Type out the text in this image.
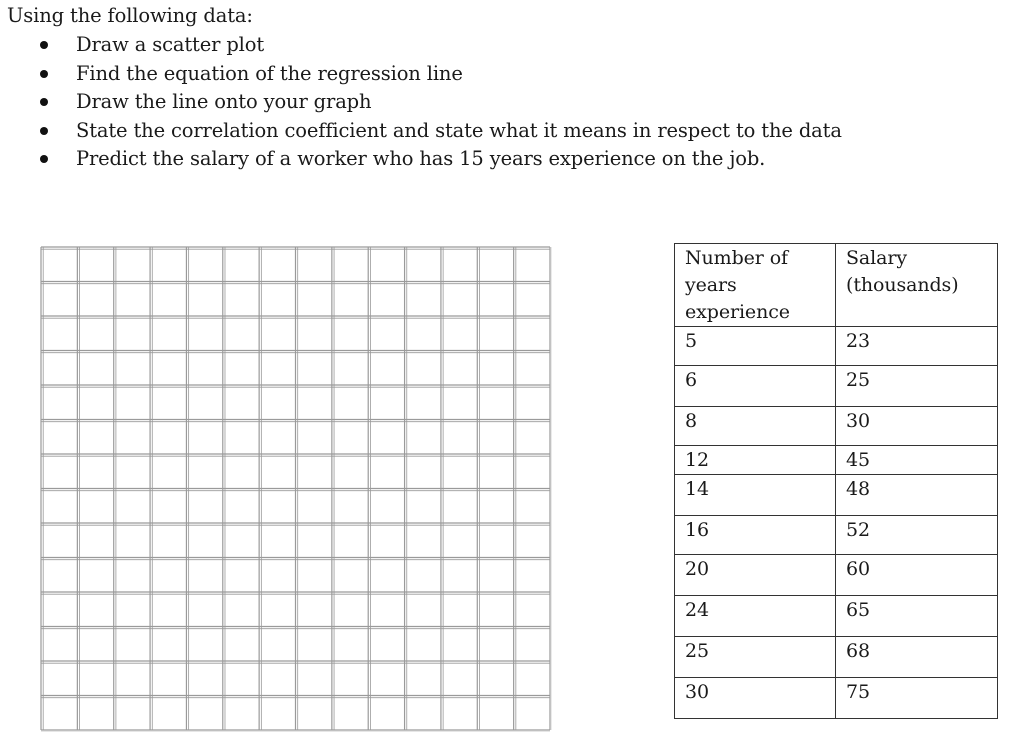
Using the following data:
Draw a scatter plot
Find the equation of the regression line
Draw the line onto your graph
State the correlation coefficient and state what it means in respect to the data
Predict the salary of a worker who has 15 years experience on the job.
Number of years experience	Salary (thousands)
5	23
6	25
8	30
12	45
14	48
16	52
20	60
24	65
25	68
30	75
